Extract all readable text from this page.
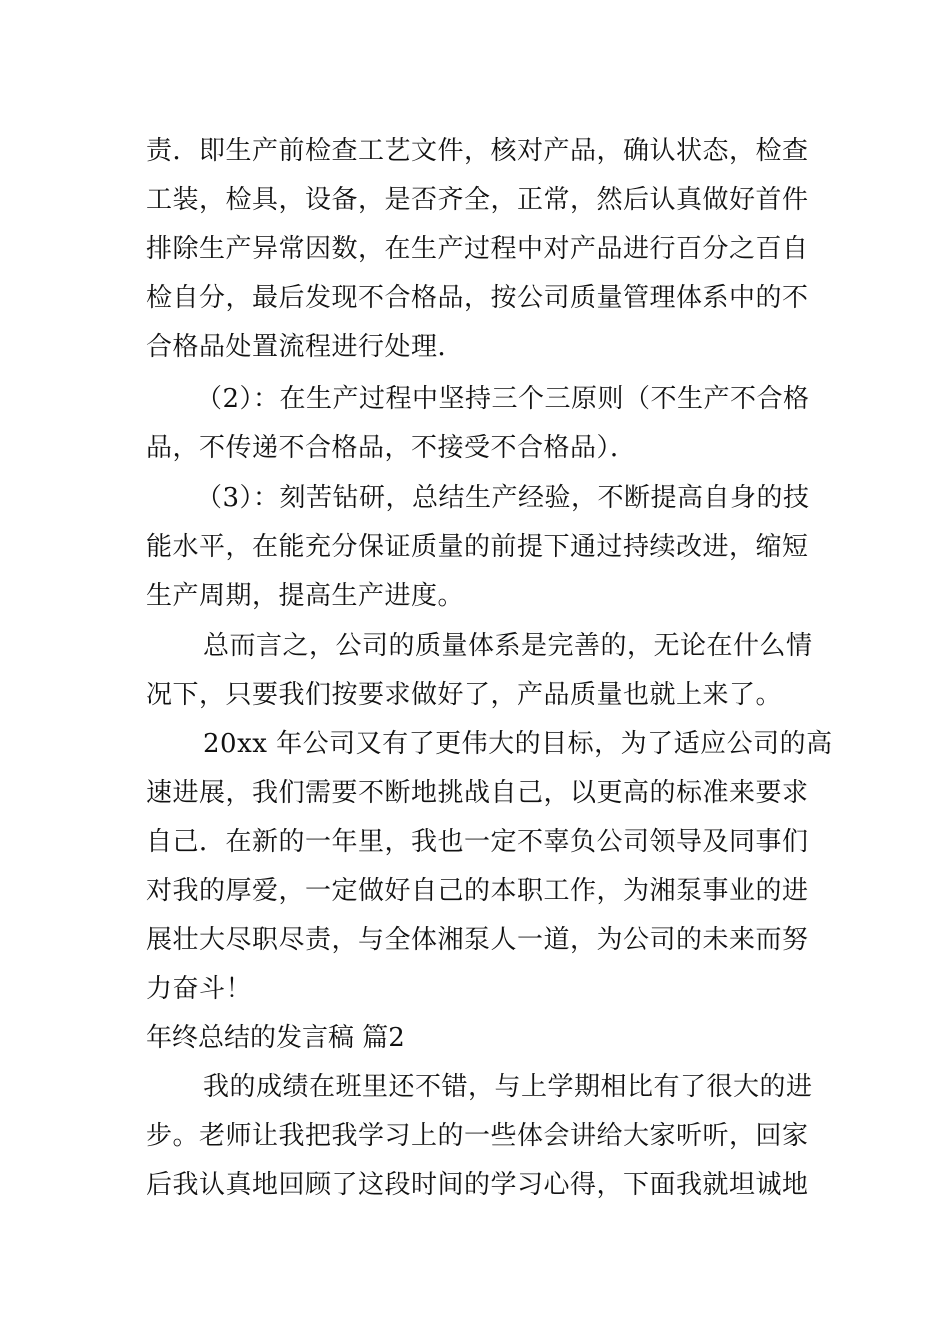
责．即生产前检查工艺文件，核对产品，确认状态，检查
工装，检具，设备，是否齐全，正常，然后认真做好首件
排除生产异常因数，在生产过程中对产品进行百分之百自
检自分，最后发现不合格品，按公司质量管理体系中的不
合格品处置流程进行处理．
（2）：在生产过程中坚持三个三原则（不生产不合格
品，不传递不合格品，不接受不合格品）．
（3）：刻苦钻研，总结生产经验，不断提高自身的技
能水平，在能充分保证质量的前提下通过持续改进，缩短
生产周期，提高生产进度。
总而言之，公司的质量体系是完善的，无论在什么情
况下，只要我们按要求做好了，产品质量也就上来了。
20xx 年公司又有了更伟大的目标，为了适应公司的高
速进展，我们需要不断地挑战自己，以更高的标准来要求
自己．在新的一年里，我也一定不辜负公司领导及同事们
对我的厚爱，一定做好自己的本职工作，为湘泵事业的进
展壮大尽职尽责，与全体湘泵人一道，为公司的未来而努
力奋斗！
年终总结的发言稿 篇2
我的成绩在班里还不错，与上学期相比有了很大的进
步。老师让我把我学习上的一些体会讲给大家听听，回家
后我认真地回顾了这段时间的学习心得，下面我就坦诚地
